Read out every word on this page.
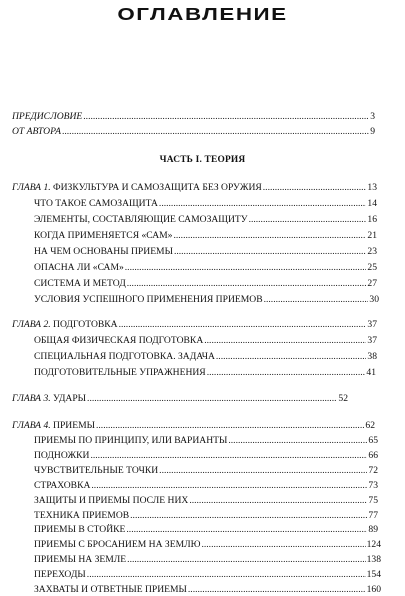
ОГЛАВЛЕНИЕ
ПРЕДИСЛОВИЕ .....	3
ОТ АВТОРА .....	9
ЧАСТЬ I. ТЕОРИЯ
ГЛАВА 1. ФИЗКУЛЬТУРА И САМОЗАЩИТА БЕЗ ОРУЖИЯ .....	13
ЧТО ТАКОЕ САМОЗАЩИТА .....	14
ЭЛЕМЕНТЫ, СОСТАВЛЯЮЩИЕ САМОЗАЩИТУ .....	16
КОГДА ПРИМЕНЯЕТСЯ «САМ» .....	21
НА ЧЕМ ОСНОВАНЫ ПРИЕМЫ .....	23
ОПАСНА ЛИ «САМ» .....	25
СИСТЕМА И МЕТОД .....	27
УСЛОВИЯ УСПЕШНОГО ПРИМЕНЕНИЯ ПРИЕМОВ .....	30
ГЛАВА 2. ПОДГОТОВКА .....	37
ОБЩАЯ ФИЗИЧЕСКАЯ ПОДГОТОВКА .....	37
СПЕЦИАЛЬНАЯ ПОДГОТОВКА. ЗАДАЧА .....	38
ПОДГОТОВИТЕЛЬНЫЕ УПРАЖНЕНИЯ .....	41
ГЛАВА 3. УДАРЫ .....	52
ГЛАВА 4. ПРИЕМЫ .....	62
ПРИЕМЫ ПО ПРИНЦИПУ, ИЛИ ВАРИАНТЫ .....	65
ПОДНОЖКИ .....	66
ЧУВСТВИТЕЛЬНЫЕ ТОЧКИ .....	72
СТРАХОВКА .....	73
ЗАЩИТЫ И ПРИЕМЫ ПОСЛЕ НИХ .....	75
ТЕХНИКА ПРИЕМОВ .....	77
ПРИЕМЫ В СТОЙКЕ .....	89
ПРИЕМЫ С БРОСАНИЕМ НА ЗЕМЛЮ .....	124
ПРИЕМЫ НА ЗЕМЛЕ .....	138
ПЕРЕХОДЫ .....	154
ЗАХВАТЫ И ОТВЕТНЫЕ ПРИЕМЫ .....	160
